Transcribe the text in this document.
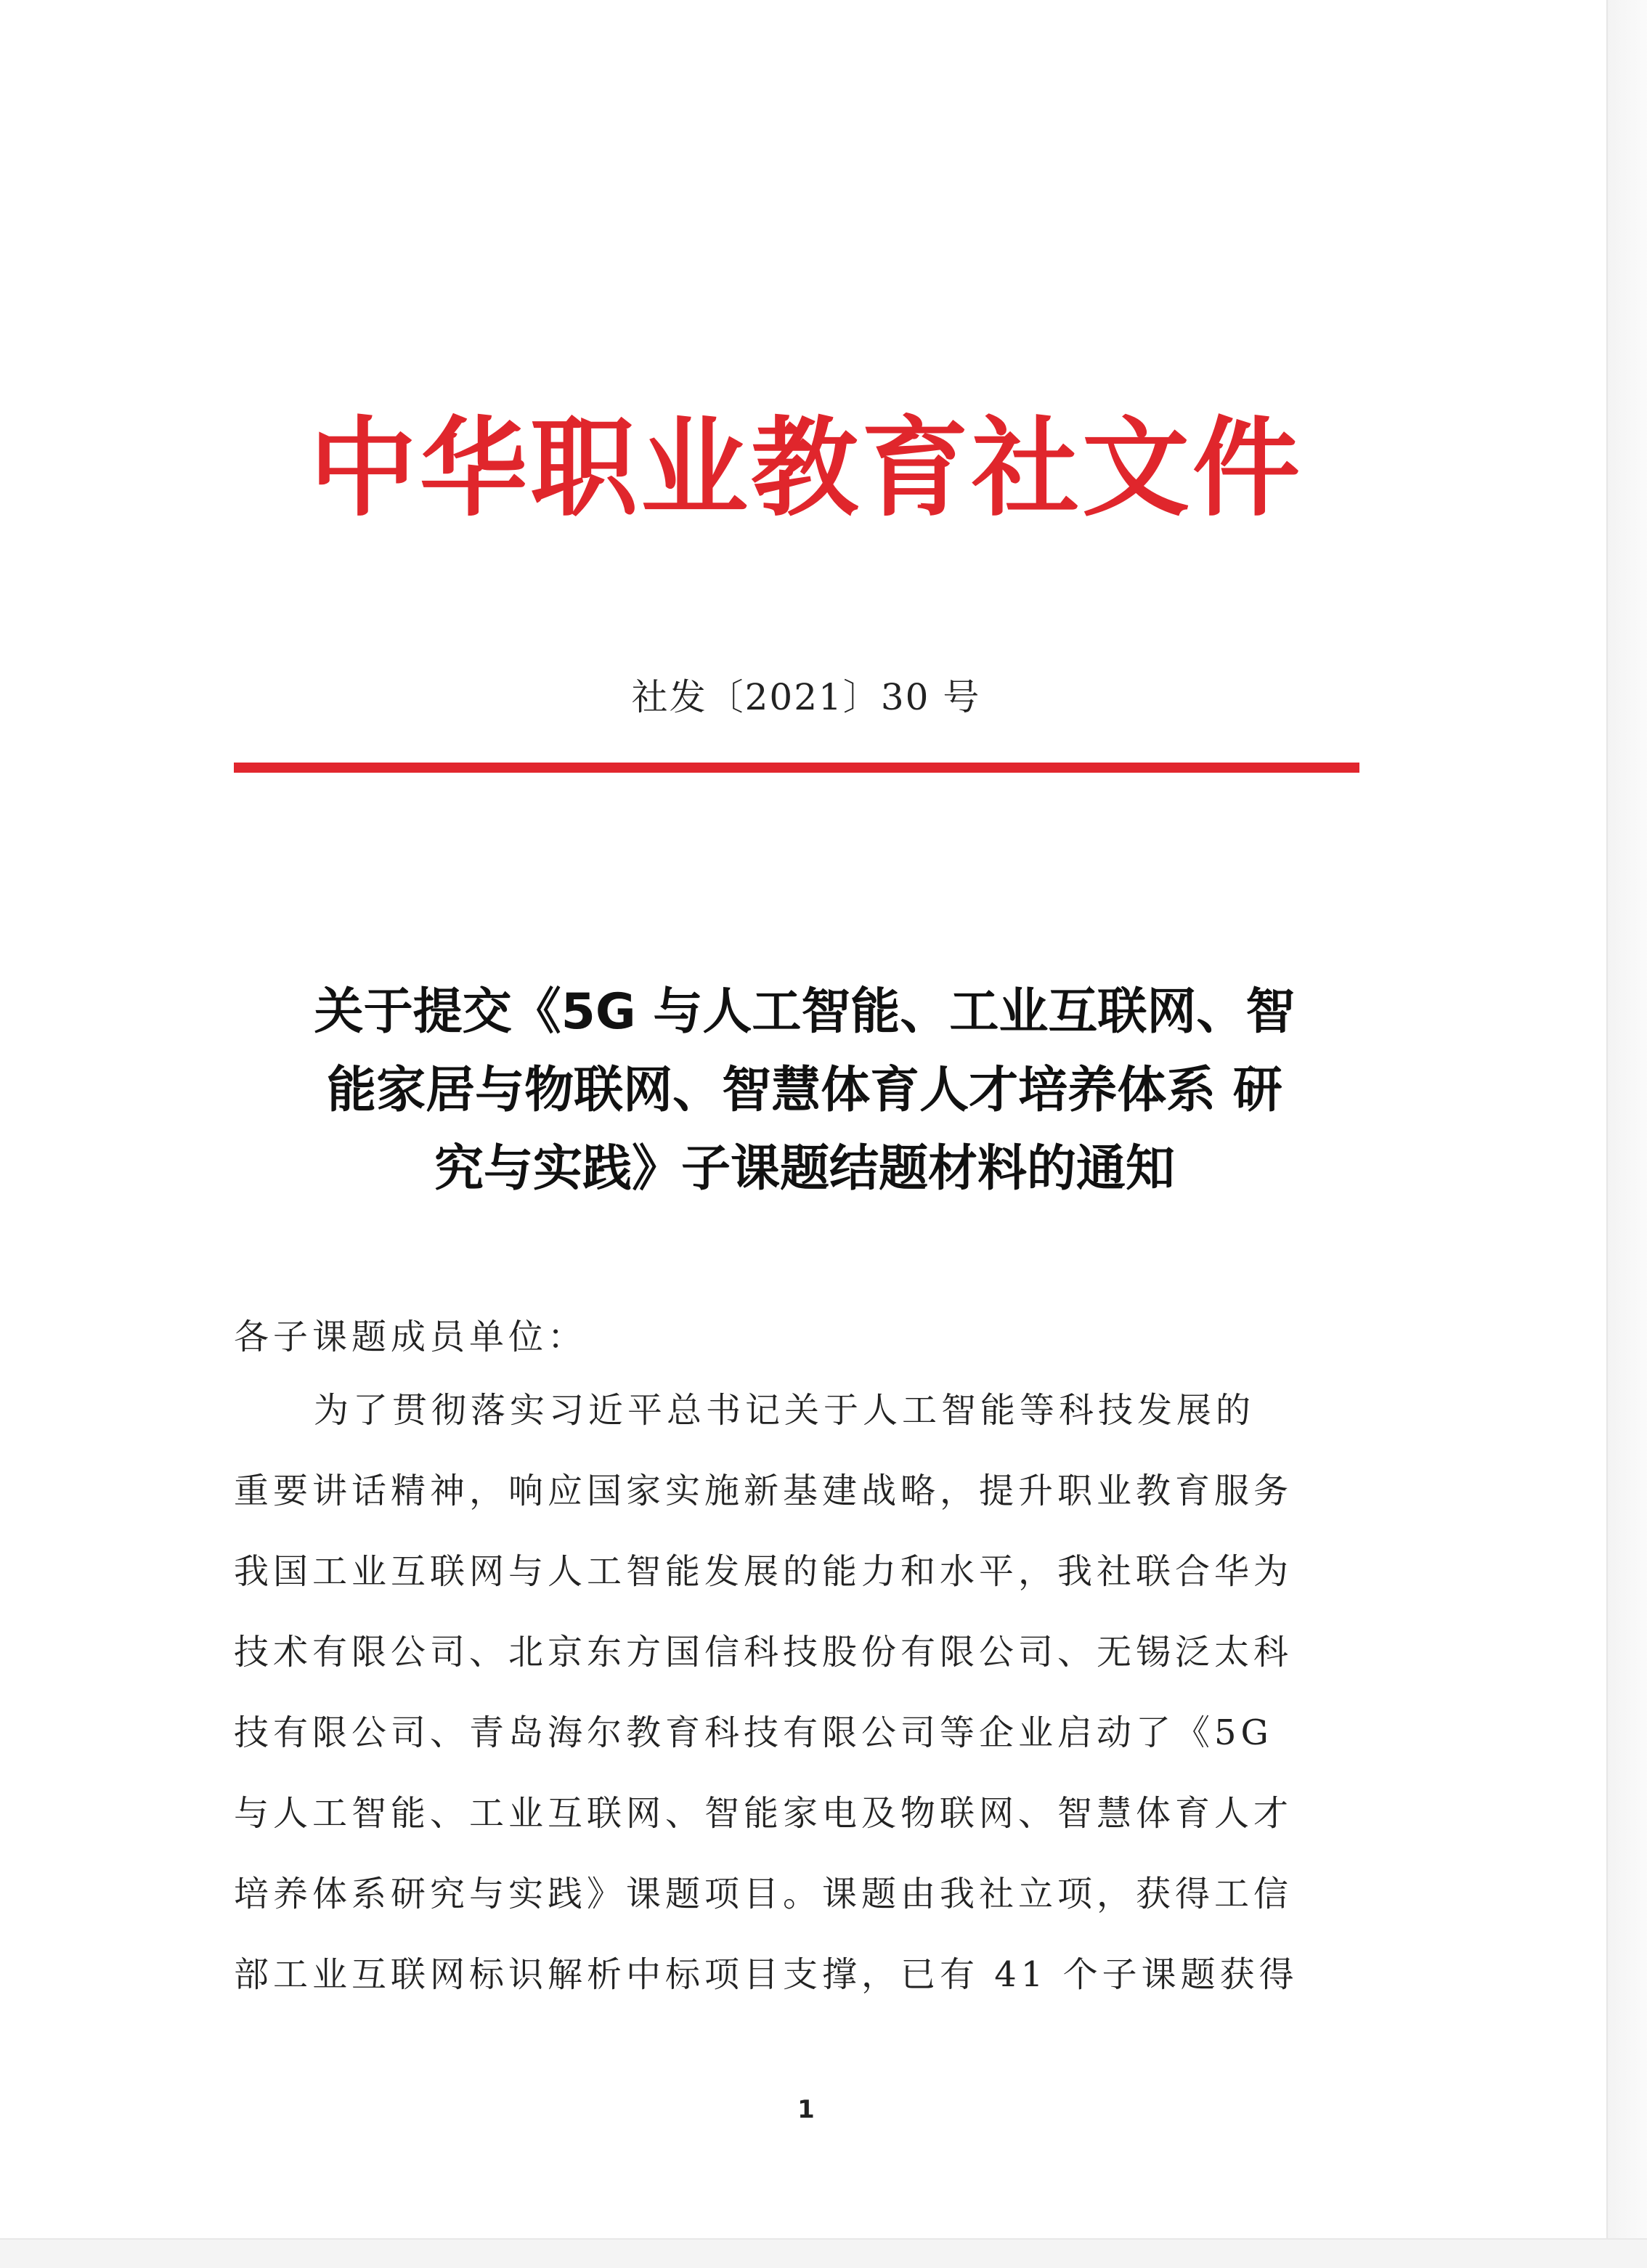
中华职业教育社文件
社发〔2021〕30 号
关于提交《5G 与人工智能、工业互联网、智
能家居与物联网、智慧体育人才培养体系 研
究与实践》子课题结题材料的通知
各子课题成员单位：
为了贯彻落实习近平总书记关于人工智能等科技发展的
重要讲话精神，响应国家实施新基建战略，提升职业教育服务
我国工业互联网与人工智能发展的能力和水平，我社联合华为
技术有限公司、北京东方国信科技股份有限公司、无锡泛太科
技有限公司、青岛海尔教育科技有限公司等企业启动了《5G
与人工智能、工业互联网、智能家电及物联网、智慧体育人才
培养体系研究与实践》课题项目。课题由我社立项，获得工信
部工业互联网标识解析中标项目支撑，已有 41 个子课题获得
1
